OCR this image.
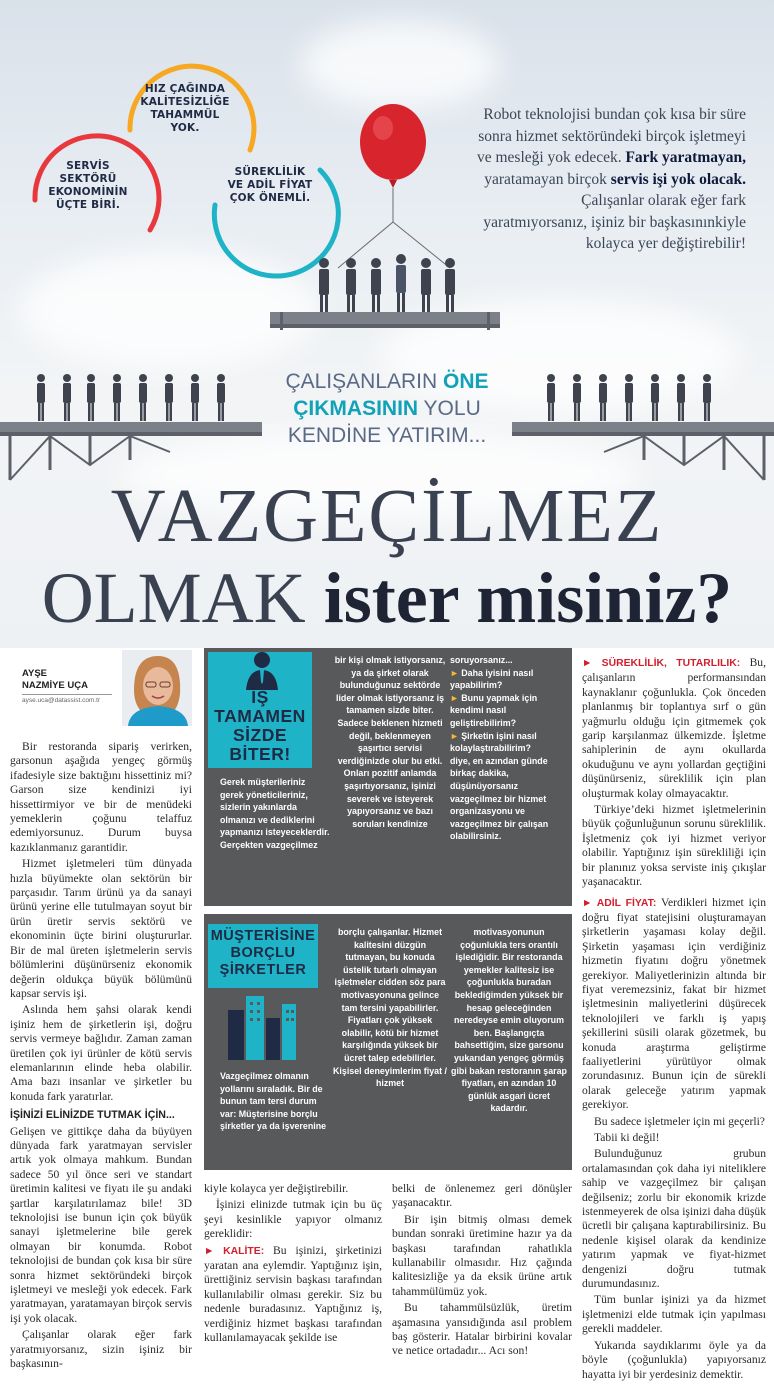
HIZ ÇAĞINDA KALİTESİZLİĞE TAHAMMÜL YOK.
SERVİS SEKTÖRÜ EKONOMİNİN ÜÇTE BİRİ.
SÜREKLİLİK VE ADİL FİYAT ÇOK ÖNEMLİ.
Robot teknolojisi bundan çok kısa bir süre sonra hizmet sektöründeki birçok işletmeyi ve mesleği yok edecek. Fark yaratmayan, yaratamayan birçok servis işi yok olacak. Çalışanlar olarak eğer fark yaratmıyorsanız, işiniz bir başkasınınkiyle kolayca yer değiştirebilir!
ÇALIŞANLARIN ÖNE
ÇIKMASININ YOLU
KENDİNE YATIRIM...
VAZGEÇİLMEZ
OLMAK ister misiniz?
AYŞE
NAZMİYE UÇA
ayse.uca@datassist.com.tr

Bir restoranda sipariş verirken, garsonun aşağıda yengeç görmüş ifadesiyle size baktığını hissettiniz mi? Garson size kendinizi iyi hissettirmiyor ve bir de menüdeki yemeklerin çoğunu telaffuz edemiyorsunuz. Durum buysa kazıklanmanız garantidir.

Hizmet işletmeleri tüm dünyada hızla büyümekte olan sektörün bir parçasıdır. Tarım ürünü ya da sanayi ürünü yerine elle tutulmayan soyut bir ürün üretir servis sektörü ve ekonominin üçte birini oluştururlar. Bir de mal üreten işletmelerin servis bölümlerini düşünürseniz ekonomik değerin oldukça büyük bölümünü kapsar servis işi.

Aslında hem şahsi olarak kendi işiniz hem de şirketlerin işi, doğru servis vermeye bağlıdır. Zaman zaman üretilen çok iyi ürünler de kötü servis elemanlarının elinde heba olabilir. Ama bazı insanlar ve şirketler bu konuda fark yaratırlar.

İŞİNİZİ ELİNİZDE TUTMAK İÇİN...

Gelişen ve gittikçe daha da büyüyen dünyada fark yaratmayan servisler artık yok olmaya mahkum. Bundan sadece 50 yıl önce seri ve standart üretimin kalitesi ve fiyatı ile şu andaki şartlar karşılatırılamaz bile! 3D teknolojisi ise bunun için çok büyük sanayi işletmelerine bile gerek olmayan bir konumda. Robot teknolojisi de bundan çok kısa bir süre sonra hizmet sektöründeki birçok işletmeyi ve mesleği yok edecek. Fark yaratmayan, yaratamayan birçok servis işi yok olacak.

Çalışanlar olarak eğer fark yaratmıyorsanız, sizin işiniz bir başkasının-

İŞ TAMAMEN SİZDE BİTER!
Gerek müşterileriniz gerek yöneticileriniz, sizlerin yakınlarda olmanızı ve dediklerini yapmanızı isteyeceklerdir. Gerçekten vazgeçilmez
bir kişi olmak istiyorsanız, ya da şirket olarak bulunduğunuz sektörde lider olmak istiyorsanız iş tamamen sizde biter. Sadece beklenen hizmeti değil, beklenmeyen şaşırtıcı servisi verdiğinizde olur bu etki. Onları pozitif anlamda şaşırtıyorsanız, işinizi severek ve isteyerek yapıyorsanız ve bazı soruları kendinize
soruyorsanız...
► Daha iyisini nasıl yapabilirim?
► Bunu yapmak için kendimi nasıl geliştirebilirim?
► Şirketin işini nasıl kolaylaştırabilirim?
diye, en azından günde birkaç dakika, düşünüyorsanız vazgeçilmez bir hizmet organizasyonu ve vazgeçilmez bir çalışan olabilirsiniz.
MÜŞTERİSİNE BORÇLU ŞİRKETLER
Vazgeçilmez olmanın yollarını sıraladık. Bir de bunun tam tersi durum var: Müşterisine borçlu şirketler ya da işverenine
borçlu çalışanlar. Hizmet kalitesini düzgün tutmayan, bu konuda üstelik tutarlı olmayan işletmeler cidden söz para motivasyonuna gelince tam tersini yapabilirler. Fiyatları çok yüksek olabilir, kötü bir hizmet karşılığında yüksek bir ücret talep edebilirler. Kişisel deneyimlerim fiyat / hizmet
motivasyonunun çoğunlukla ters orantılı işlediğidir. Bir restoranda yemekler kalitesiz ise çoğunlukla buradan beklediğimden yüksek bir hesap geleceğinden neredeyse emin oluyorum ben. Başlangıçta bahsettiğim, size garsonu yukarıdan yengeç görmüş gibi bakan restoranın şarap fiyatları, en azından 10 günlük asgari ücret kadardır.

kiyle kolayca yer değiştirebilir.

İşinizi elinizde tutmak için bu üç şeyi kesinlikle yapıyor olmanız gereklidir:

► KALİTE: Bu işinizi, şirketinizi yaratan ana eylemdir. Yaptığınız işin, ürettiğiniz servisin başkası tarafından kullanılabilir olması gerekir. Siz bu nedenle buradasınız. Yaptığınız iş, verdiğiniz hizmet başkası tarafından kullanılamayacak şekilde ise

belki de önlenemez geri dönüşler yaşanacaktır.

Bir işin bitmiş olması demek bundan sonraki üretimine hazır ya da başkası tarafından rahatlıkla kullanabilir olmasıdır. Hız çağında kalitesizliğe ya da eksik ürüne artık tahammülümüz yok.

Bu tahammülsüzlük, üretim aşamasına yansıdığında asıl problem baş gösterir. Hatalar birbirini kovalar ve netice ortadadır... Acı son!

► SÜREKLİLİK, TUTARLILIK: Bu, çalışanların performansından kaynaklanır çoğunlukla. Çok önceden planlanmış bir toplantıya sırf o gün yağmurlu olduğu için gitmemek çok garip karşılanmaz ülkemizde. İşletme sahiplerinin de aynı okullarda okuduğunu ve aynı yollardan geçtiğini düşünürseniz, süreklilik için plan oluşturmak kolay olmayacaktır.

Türkiye’deki hizmet işletmelerinin büyük çoğunluğunun sorunu süreklilik. İşletmeniz çok iyi hizmet veriyor olabilir. Yaptığınız işin sürekliliği için bir planınız yoksa serviste iniş çıkışlar yaşanacaktır.

► ADİL FİYAT: Verdikleri hizmet için doğru fiyat statejisini oluşturamayan şirketlerin yaşaması kolay değil. Şirketin yaşaması için verdiğiniz hizmetin fiyatını doğru yönetmek gerekiyor. Maliyetlerinizin altında bir fiyat veremezsiniz, fakat bir hizmet işletmesinin maliyetlerini düşürecek teknolojileri ve farklı iş yapış şekillerini süsili olarak gözetmek, bu konuda araştırma geliştirme faaliyetlerini yürütüyor olmak zorundasınız. Bunun için de sürekli olarak geleceğe yatırım yapmak gerekiyor.

Bu sadece işletmeler için mi geçerli?

Tabii ki değil!

Bulunduğunuz grubun ortalamasından çok daha iyi niteliklere sahip ve vazgeçilmez bir çalışan değilseniz; zorlu bir ekonomik krizde istenmeyerek de olsa işinizi daha düşük ücretli bir çalışana kaptırabilirsiniz. Bu nedenle kişisel olarak da kendinize yatırım yapmak ve fiyat-hizmet dengenizi doğru tutmak durumundasınız.

Tüm bunlar işinizi ya da hizmet işletmenizi elde tutmak için yapılması gerekli maddeler.

Yukarıda saydıklarımı öyle ya da böyle (çoğunlukla) yapıyorsanız hayatta iyi bir yerdesiniz demektir.
